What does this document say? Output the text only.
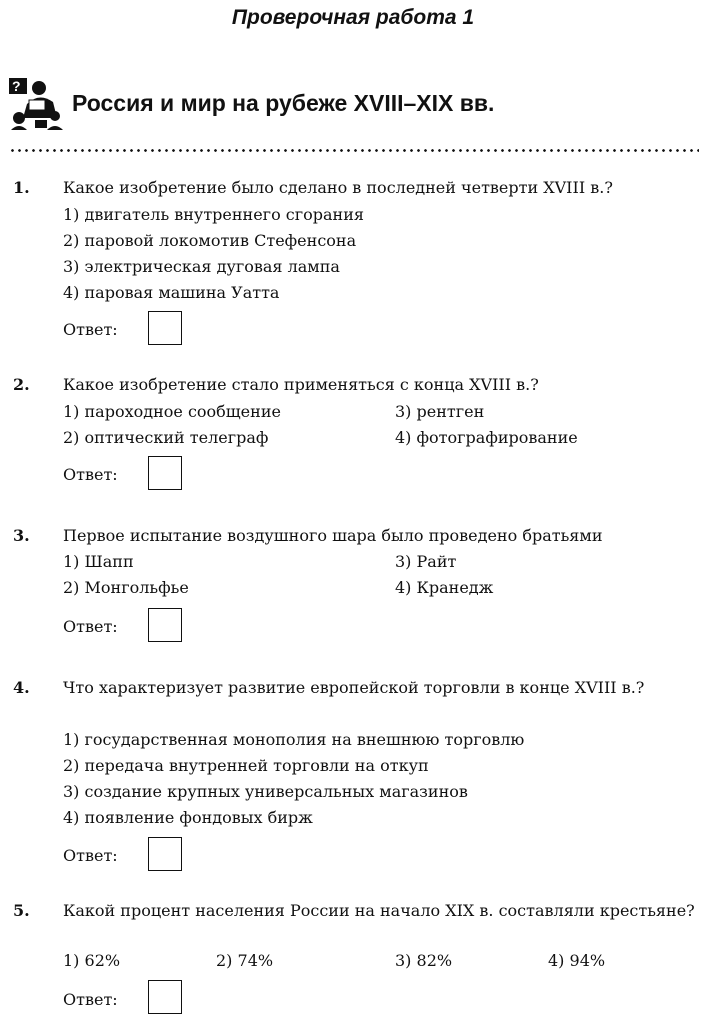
Проверочная работа 1
?
Россия и мир на рубеже XVIII–XIX вв.
1. Какое изобретение было сделано в последней четверти XVIII в.?
1) двигатель внутреннего сгорания
2) паровой локомотив Стефенсона
3) электрическая дуговая лампа
4) паровая машина Уатта
Ответ:
2. Какое изобретение стало применяться с конца XVIII в.?
1) пароходное сообщение	3) рентген
2) оптический телеграф	4) фотографирование
Ответ:
3. Первое испытание воздушного шара было проведено братьями
1) Шапп	3) Райт
2) Монгольфье	4) Кранедж
Ответ:
4. Что характеризует развитие европейской торговли в конце XVIII в.?
1) государственная монополия на внешнюю торговлю
2) передача внутренней торговли на откуп
3) создание крупных универсальных магазинов
4) появление фондовых бирж
Ответ:
5. Какой процент населения России на начало XIX в. составляли крестьяне?
1) 62%	2) 74%	3) 82%	4) 94%
Ответ:
